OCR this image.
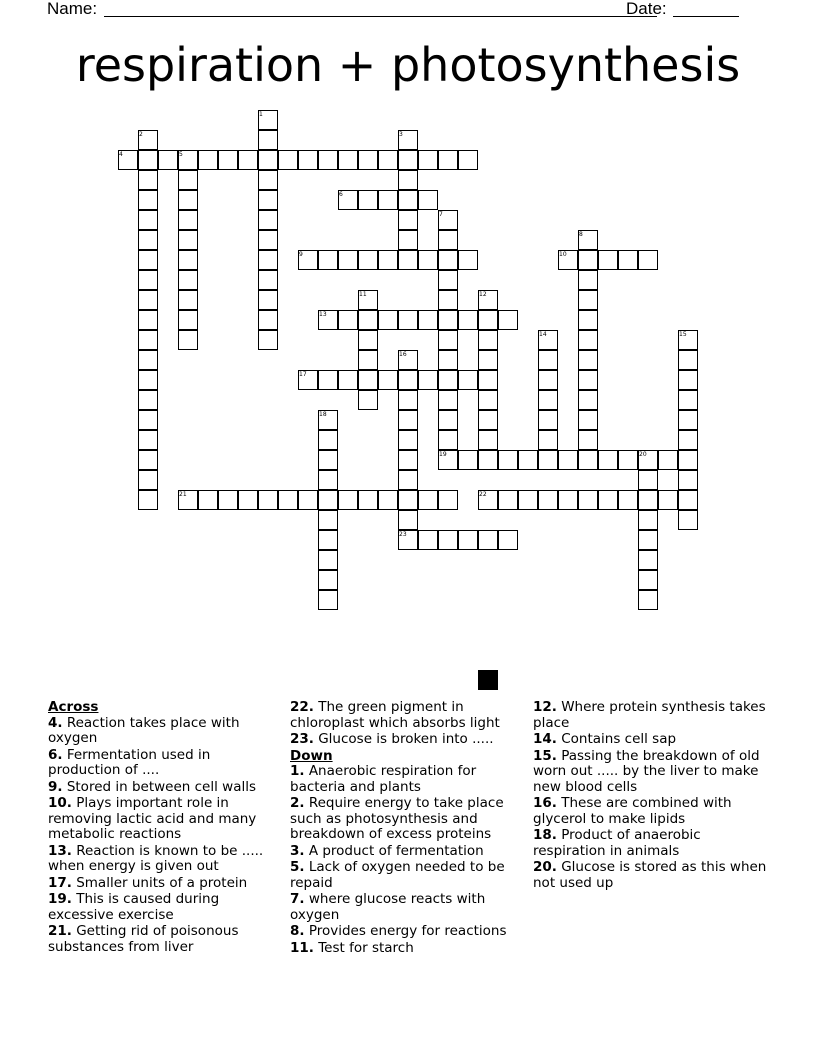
Name:	Date:
respiration + photosynthesis
1
2	3
4	5
6
7
8
9	10
11	12
13
14	15
16
17
18
19	20
21	22
23
Across
4. Reaction takes place with oxygen
6. Fermentation used in production of ....
9. Stored in between cell walls
10. Plays important role in removing lactic acid and many metabolic reactions
13. Reaction is known to be ..... when energy is given out
17. Smaller units of a protein
19. This is caused during excessive exercise
21. Getting rid of poisonous substances from liver
22. The green pigment in chloroplast which absorbs light
23. Glucose is broken into .....
Down
1. Anaerobic respiration for bacteria and plants
2. Require energy to take place such as photosynthesis and breakdown of excess proteins
3. A product of fermentation
5. Lack of oxygen needed to be repaid
7. where glucose reacts with oxygen
8. Provides energy for reactions
11. Test for starch
12. Where protein synthesis takes place
14. Contains cell sap
15. Passing the breakdown of old worn out ..... by the liver to make new blood cells
16. These are combined with glycerol to make lipids
18. Product of anaerobic respiration in animals
20. Glucose is stored as this when not used up
